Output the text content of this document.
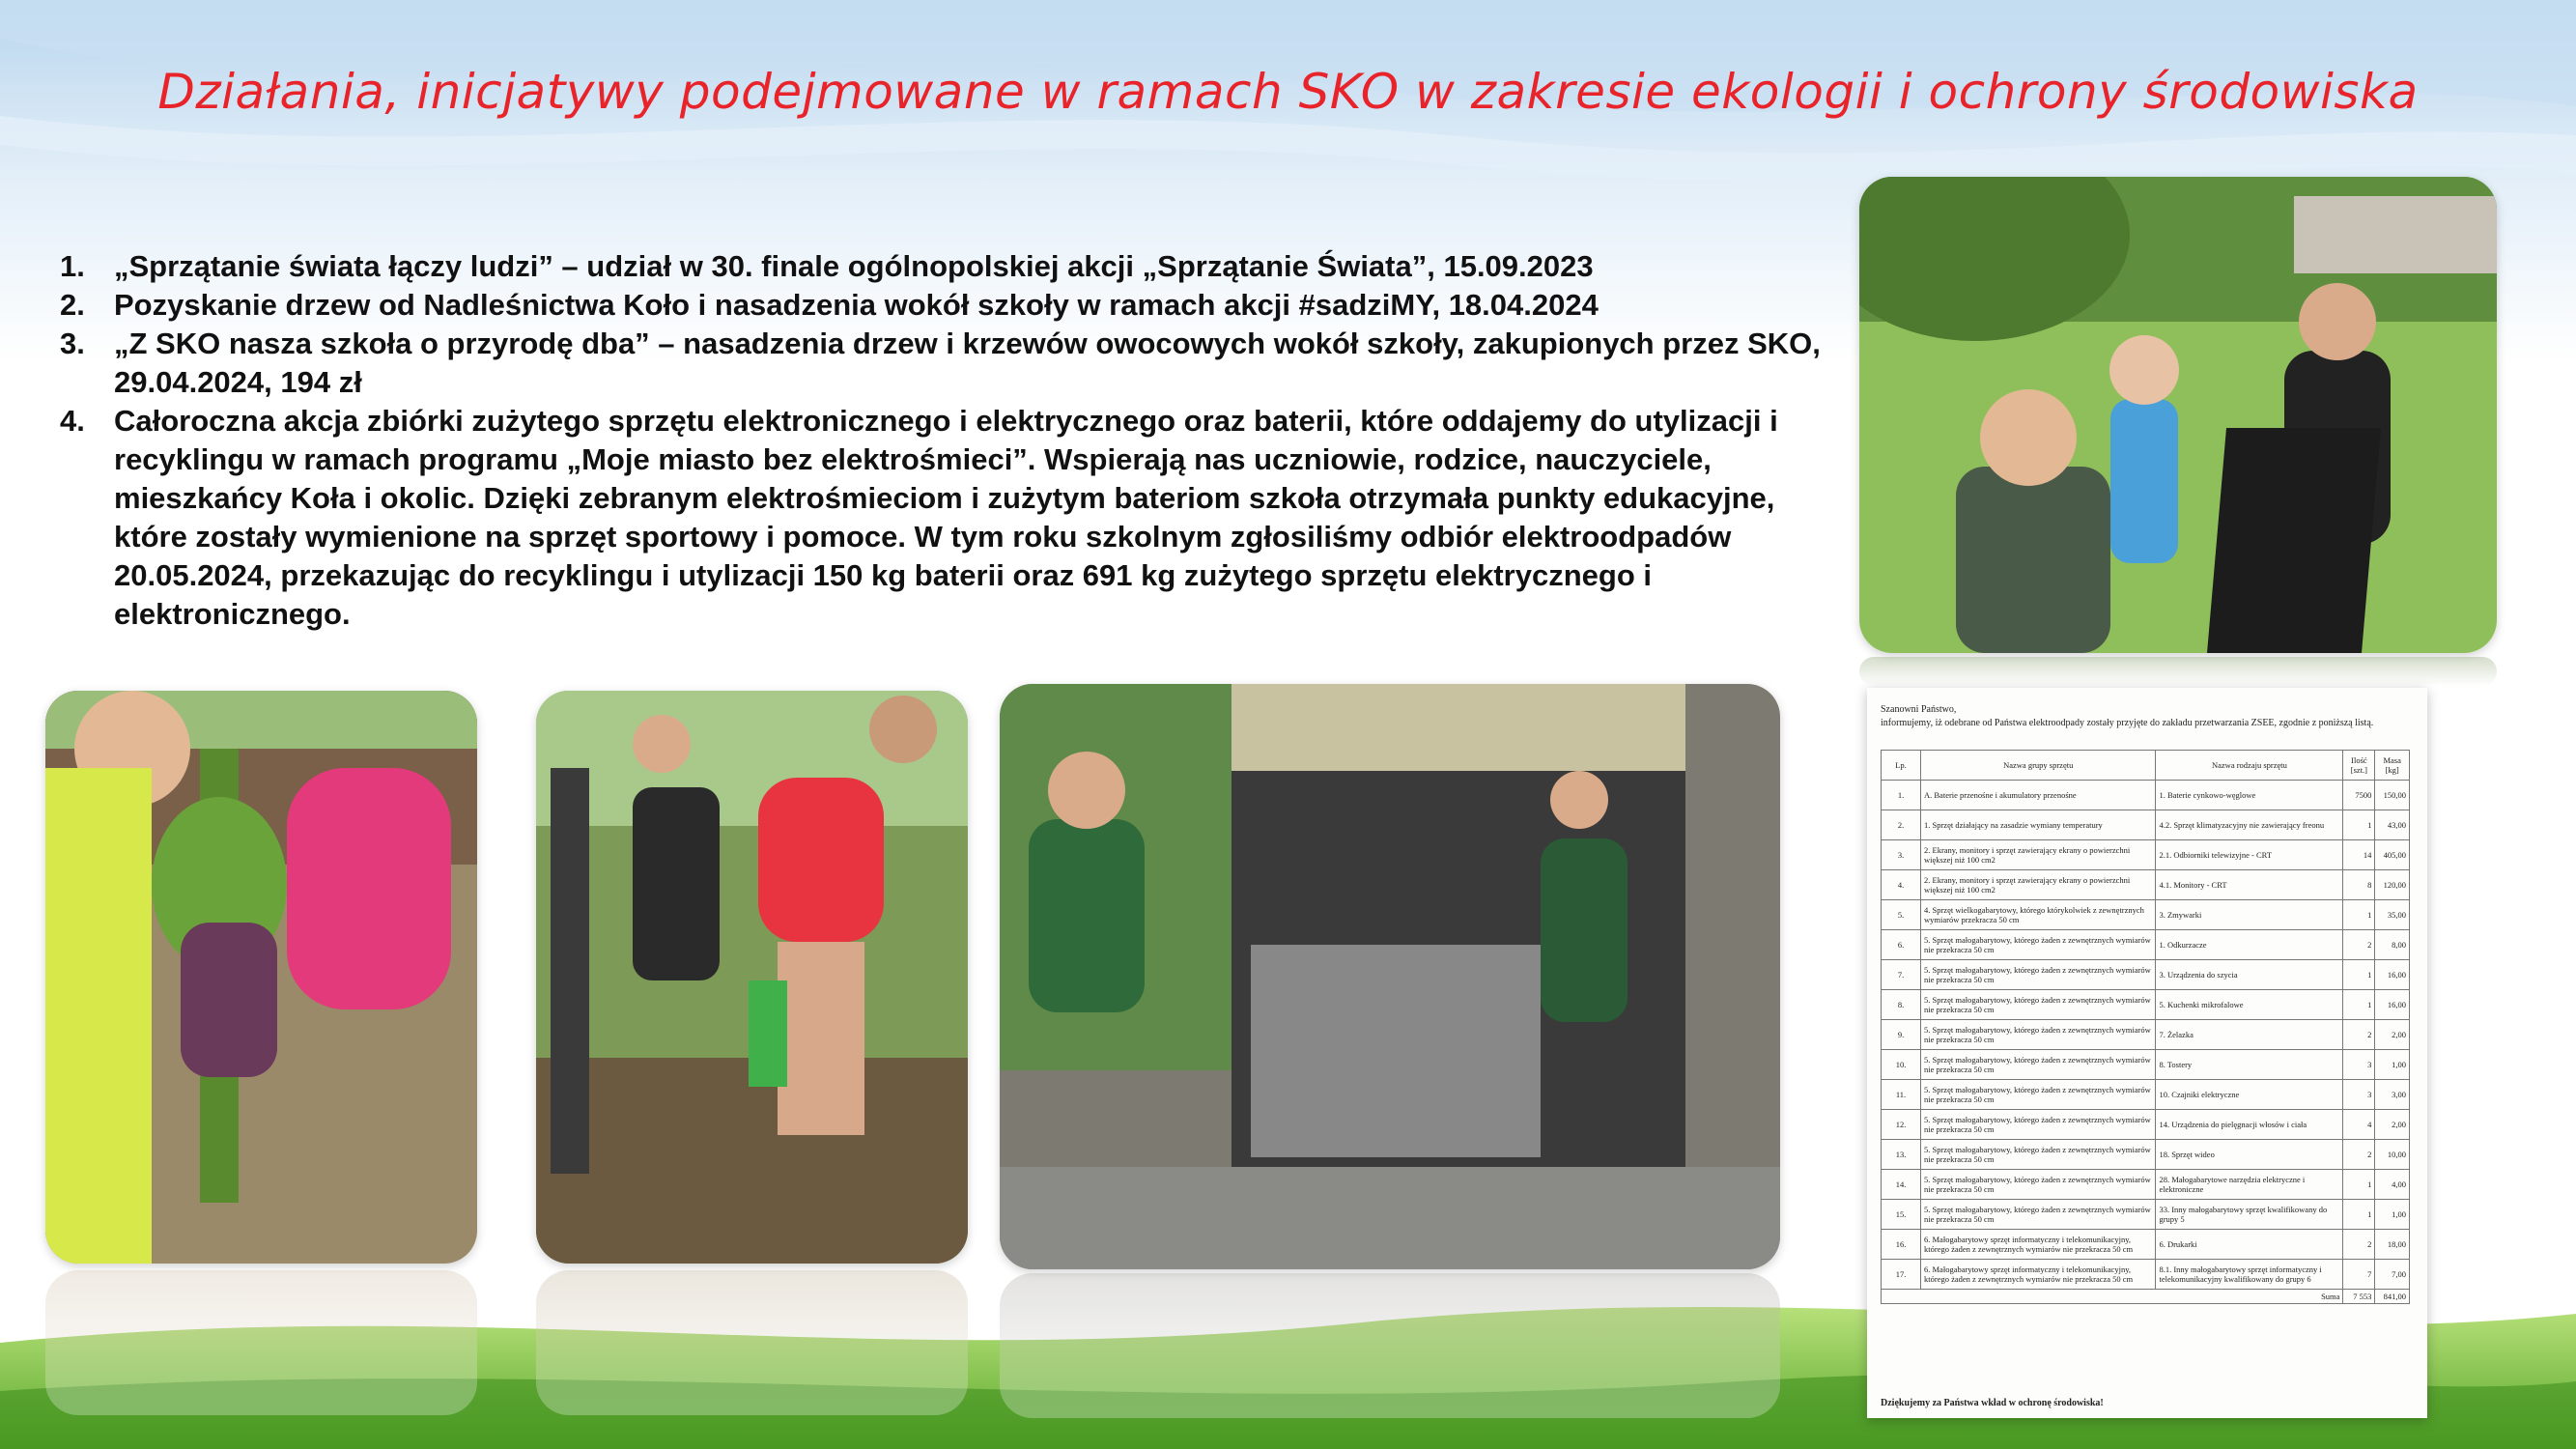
Działania, inicjatywy podejmowane w ramach SKO w zakresie ekologii i ochrony środowiska
1. „Sprzątanie świata łączy ludzi” – udział w 30. finale ogólnopolskiej akcji „Sprzątanie Świata”, 15.09.2023
2. Pozyskanie drzew od Nadleśnictwa Koło i nasadzenia wokół szkoły w ramach akcji #sadziMY, 18.04.2024
3. „Z SKO nasza szkoła o przyrodę dba” – nasadzenia drzew i krzewów owocowych wokół szkoły, zakupionych przez SKO, 29.04.2024, 194 zł
4. Całoroczna akcja zbiórki zużytego sprzętu elektronicznego i elektrycznego oraz baterii, które oddajemy do utylizacji i recyklingu w ramach programu „Moje miasto bez elektrośmieci”. Wspierają nas uczniowie, rodzice, nauczyciele, mieszkańcy Koła i okolic. Dzięki zebranym elektrośmieciom i zużytym bateriom szkoła otrzymała punkty edukacyjne, które zostały wymienione na sprzęt sportowy i pomoce. W tym roku szkolnym zgłosiliśmy odbiór elektroodpadów 20.05.2024, przekazując do recyklingu i utylizacji 150 kg baterii oraz 691 kg zużytego sprzętu elektrycznego i elektronicznego.
Szanowni Państwo,
informujemy, iż odebrane od Państwa elektroodpady zostały przyjęte do zakładu przetwarzania ZSEE, zgodnie z poniższą listą.
Lp.	Nazwa grupy sprzętu	Nazwa rodzaju sprzętu	Ilość [szt.]	Masa [kg]
1.	A. Baterie przenośne i akumulatory przenośne	1. Baterie cynkowo-węglowe	7500	150,00
2.	1. Sprzęt działający na zasadzie wymiany temperatury	4.2. Sprzęt klimatyzacyjny nie zawierający freonu	1	43,00
3.	2. Ekrany, monitory i sprzęt zawierający ekrany o powierzchni większej niż 100 cm2	2.1. Odbiorniki telewizyjne - CRT	14	405,00
4.	2. Ekrany, monitory i sprzęt zawierający ekrany o powierzchni większej niż 100 cm2	4.1. Monitory - CRT	8	120,00
5.	4. Sprzęt wielkogabarytowy, którego którykolwiek z zewnętrznych wymiarów przekracza 50 cm	3. Zmywarki	1	35,00
6.	5. Sprzęt małogabarytowy, którego żaden z zewnętrznych wymiarów nie przekracza 50 cm	1. Odkurzacze	2	8,00
7.	5. Sprzęt małogabarytowy, którego żaden z zewnętrznych wymiarów nie przekracza 50 cm	3. Urządzenia do szycia	1	16,00
8.	5. Sprzęt małogabarytowy, którego żaden z zewnętrznych wymiarów nie przekracza 50 cm	5. Kuchenki mikrofalowe	1	16,00
9.	5. Sprzęt małogabarytowy, którego żaden z zewnętrznych wymiarów nie przekracza 50 cm	7. Żelazka	2	2,00
10.	5. Sprzęt małogabarytowy, którego żaden z zewnętrznych wymiarów nie przekracza 50 cm	8. Tostery	3	1,00
11.	5. Sprzęt małogabarytowy, którego żaden z zewnętrznych wymiarów nie przekracza 50 cm	10. Czajniki elektryczne	3	3,00
12.	5. Sprzęt małogabarytowy, którego żaden z zewnętrznych wymiarów nie przekracza 50 cm	14. Urządzenia do pielęgnacji włosów i ciała	4	2,00
13.	5. Sprzęt małogabarytowy, którego żaden z zewnętrznych wymiarów nie przekracza 50 cm	18. Sprzęt wideo	2	10,00
14.	5. Sprzęt małogabarytowy, którego żaden z zewnętrznych wymiarów nie przekracza 50 cm	28. Małogabarytowe narzędzia elektryczne i elektroniczne	1	4,00
15.	5. Sprzęt małogabarytowy, którego żaden z zewnętrznych wymiarów nie przekracza 50 cm	33. Inny małogabarytowy sprzęt kwalifikowany do grupy 5	1	1,00
16.	6. Małogabarytowy sprzęt informatyczny i telekomunikacyjny, którego żaden z zewnętrznych wymiarów nie przekracza 50 cm	6. Drukarki	2	18,00
17.	6. Małogabarytowy sprzęt informatyczny i telekomunikacyjny, którego żaden z zewnętrznych wymiarów nie przekracza 50 cm	8.1. Inny małogabarytowy sprzęt informatyczny i telekomunikacyjny kwalifikowany do grupy 6	7	7,00
Suma			7 553	841,00
Dziękujemy za Państwa wkład w ochronę środowiska!
